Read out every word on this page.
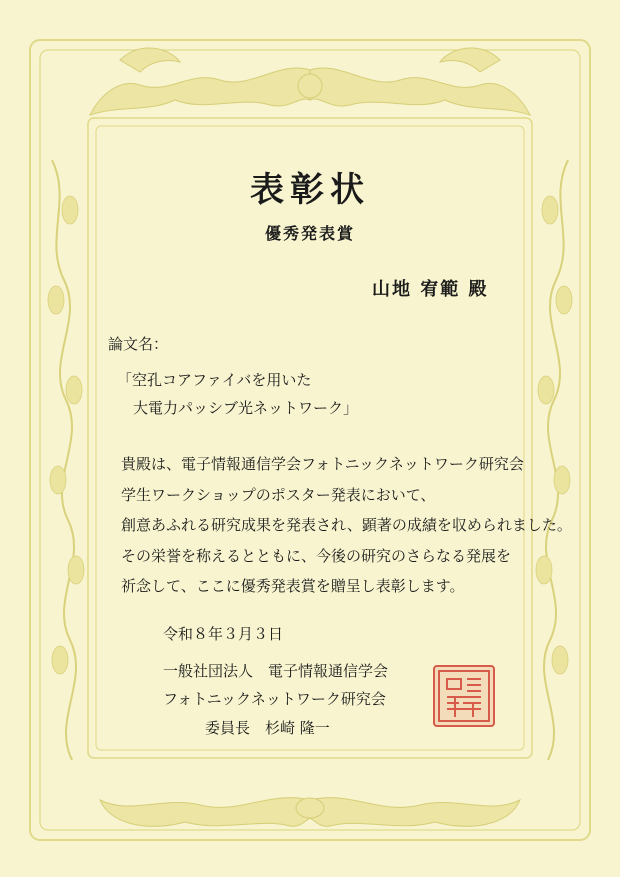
表彰状
優秀発表賞
山地 宥範 殿
論文名：
「空孔コアファイバを用いた
大電力パッシブ光ネットワーク」
貴殿は、電子情報通信学会フォトニックネットワーク研究会
学生ワークショップのポスター発表において、
創意あふれる研究成果を発表され、顕著の成績を収められました。
その栄誉を称えるとともに、今後の研究のさらなる発展を
祈念して、ここに優秀発表賞を贈呈し表彰します。
令和８年３月３日
一般社団法人　電子情報通信学会
フォトニックネットワーク研究会
委員長　杉崎 隆一
